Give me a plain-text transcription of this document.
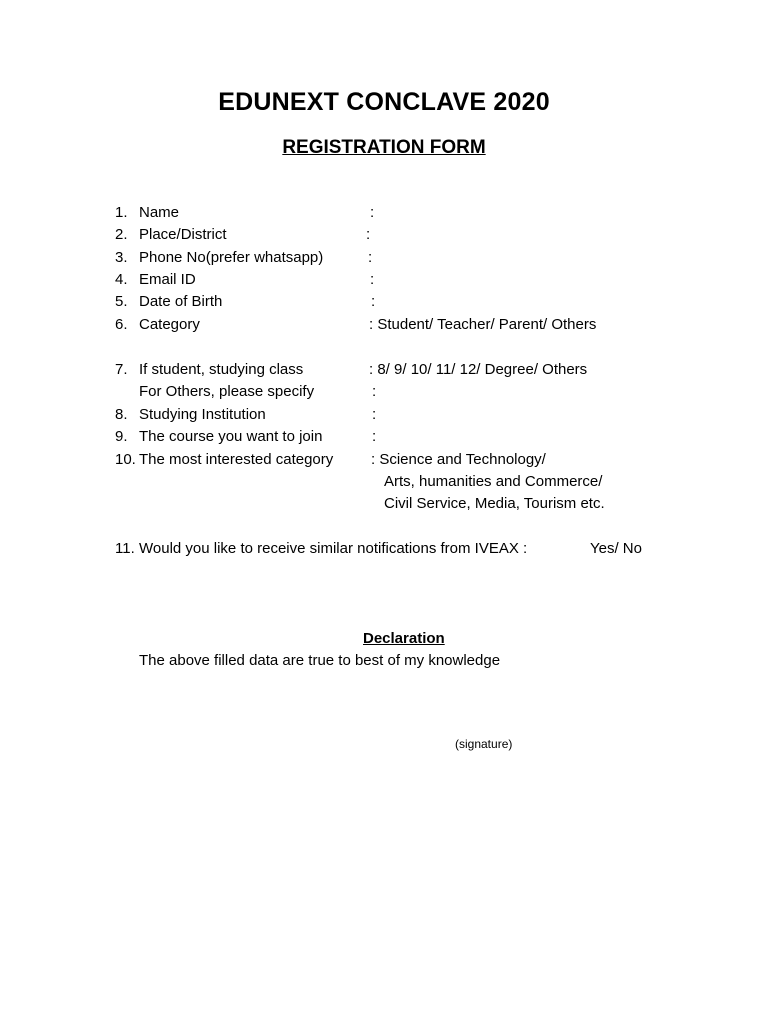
EDUNEXT CONCLAVE 2020
REGISTRATION FORM
1. Name	:
2. Place/District	:
3. Phone No(prefer whatsapp)	:
4. Email ID	:
5. Date of Birth	:
6. Category	: Student/ Teacher/ Parent/ Others
7. If student, studying class	: 8/ 9/ 10/ 11/ 12/ Degree/ Others
For Others, please specify	:
8. Studying Institution	:
9. The course you want to join	:
10. The most interested category	: Science and Technology/
Arts, humanities and Commerce/
Civil Service, Media, Tourism etc.
11. Would you like to receive similar notifications from IVEAX :	Yes/ No
Declaration
The above filled data are true to best of my knowledge
(signature)
